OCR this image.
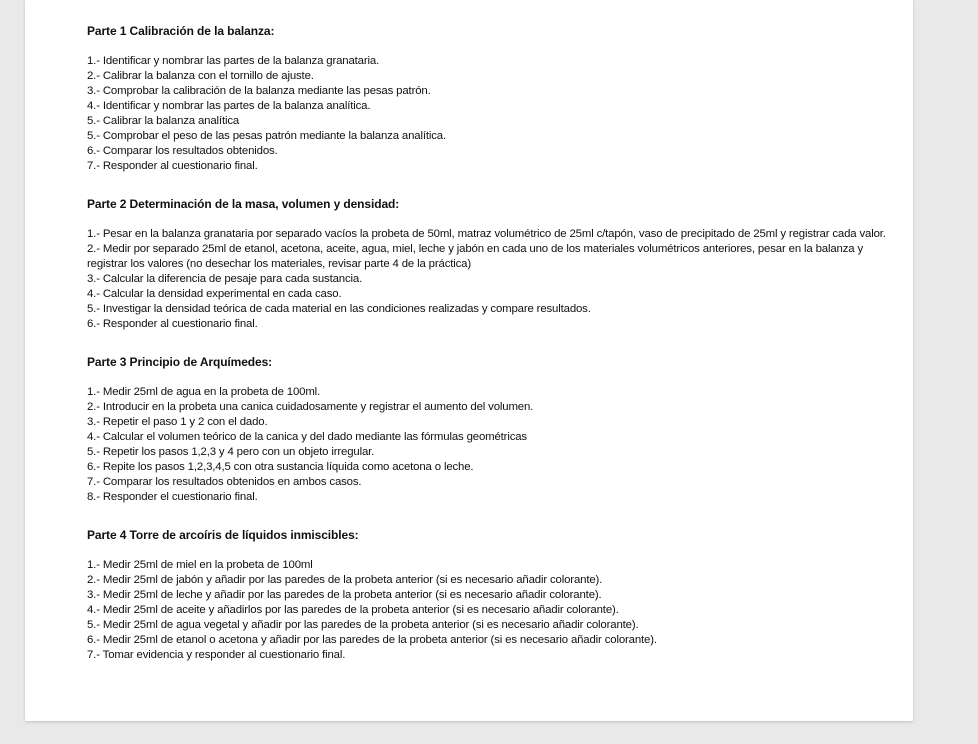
Parte 1 Calibración de la balanza:
1.- Identificar y nombrar las partes de la balanza granataria.
2.- Calibrar la balanza con el tornillo de ajuste.
3.- Comprobar la calibración de la balanza mediante las pesas patrón.
4.- Identificar y nombrar las partes de la balanza analítica.
5.- Calibrar la balanza analítica
5.- Comprobar el peso de las pesas patrón mediante la balanza analítica.
6.- Comparar los resultados obtenidos.
7.- Responder al cuestionario final.
Parte 2 Determinación de la masa, volumen y densidad:
1.- Pesar en la balanza granataria por separado vacíos la probeta de 50ml, matraz volumétrico de 25ml c/tapón, vaso de precipitado de 25ml y registrar cada valor.
2.- Medir por separado 25ml de etanol, acetona, aceite, agua, miel, leche y jabón en cada uno de los materiales volumétricos anteriores, pesar en la balanza y registrar los valores (no desechar los materiales, revisar parte 4 de la práctica)
3.- Calcular la diferencia de pesaje para cada sustancia.
4.- Calcular la densidad experimental en cada caso.
5.- Investigar la densidad teórica de cada material en las condiciones realizadas y compare resultados.
6.- Responder al cuestionario final.
Parte 3 Principio de Arquímedes:
1.- Medir 25ml de agua en la probeta de 100ml.
2.- Introducir en la probeta una canica cuidadosamente y registrar el aumento del volumen.
3.- Repetir el paso 1 y 2 con el dado.
4.- Calcular el volumen teórico de la canica y del dado mediante las fórmulas geométricas
5.- Repetir los pasos 1,2,3 y 4 pero con un objeto irregular.
6.- Repite los pasos 1,2,3,4,5 con otra sustancia líquida como acetona o leche.
7.- Comparar los resultados obtenidos en ambos casos.
8.- Responder el cuestionario final.
Parte 4 Torre de arcoíris de líquidos inmiscibles:
1.- Medir 25ml de miel en la probeta de 100ml
2.- Medir 25ml de jabón y añadir por las paredes de la probeta anterior (si es necesario añadir colorante).
3.- Medir 25ml de leche y añadir por las paredes de la probeta anterior (si es necesario añadir colorante).
4.- Medir 25ml de aceite y añadirlos por las paredes de la probeta anterior (si es necesario añadir colorante).
5.- Medir 25ml de agua vegetal y añadir por las paredes de la probeta anterior (si es necesario añadir colorante).
6.- Medir 25ml de etanol o acetona y añadir por las paredes de la probeta anterior (si es necesario añadir colorante).
7.- Tomar evidencia y responder al cuestionario final.
